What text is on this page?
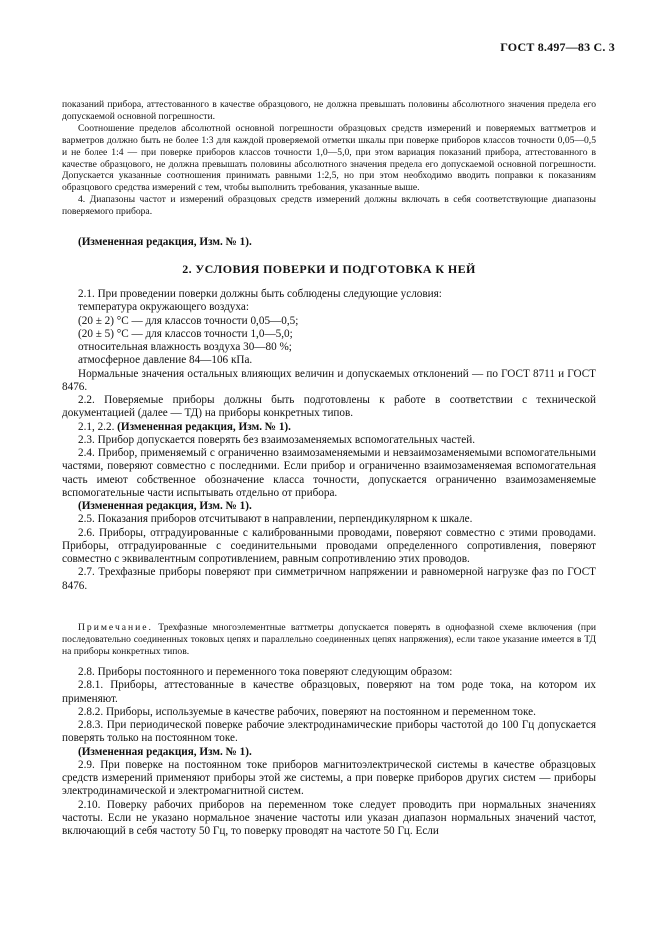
ГОСТ 8.497—83 С. 3

показаний прибора, аттестованного в качестве образцового, не должна превышать половины абсолютного значения предела его допускаемой основной погрешности.

Соотношение пределов абсолютной основной погрешности образцовых средств измерений и поверяемых ваттметров и варметров должно быть не более 1:3 для каждой проверяемой отметки шкалы при поверке приборов классов точности 0,05—0,5 и не более 1:4 — при поверке приборов классов точности 1,0—5,0, при этом вариация показаний прибора, аттестованного в качестве образцового, не должна превышать половины абсолютного значения предела его допускаемой основной погрешности. Допускается указанные соотношения принимать равными 1:2,5, но при этом необходимо вводить поправки к показаниям образцового средства измерений с тем, чтобы выполнить требования, указанные выше.

4. Диапазоны частот и измерений образцовых средств измерений должны включать в себя соответствующие диапазоны поверяемого прибора.

(Измененная редакция, Изм. № 1).

2. УСЛОВИЯ ПОВЕРКИ И ПОДГОТОВКА К НЕЙ

2.1. При проведении поверки должны быть соблюдены следующие условия:

температура окружающего воздуха:

(20 ± 2) °С — для классов точности 0,05—0,5;

(20 ± 5) °С — для классов точности 1,0—5,0;

относительная влажность воздуха 30—80 %;

атмосферное давление 84—106 кПа.

Нормальные значения остальных влияющих величин и допускаемых отклонений — по ГОСТ 8711 и ГОСТ 8476.

2.2. Поверяемые приборы должны быть подготовлены к работе в соответствии с технической документацией (далее — ТД) на приборы конкретных типов.

2.1, 2.2. (Измененная редакция, Изм. № 1).

2.3. Прибор допускается поверять без взаимозаменяемых вспомогательных частей.

2.4. Прибор, применяемый с ограниченно взаимозаменяемыми и невзаимозаменяемыми вспомогательными частями, поверяют совместно с последними. Если прибор и ограниченно взаимозаменяемая вспомогательная часть имеют собственное обозначение класса точности, допускается ограниченно взаимозаменяемые вспомогательные части испытывать отдельно от прибора.

(Измененная редакция, Изм. № 1).

2.5. Показания приборов отсчитывают в направлении, перпендикулярном к шкале.

2.6. Приборы, отградуированные с калиброванными проводами, поверяют совместно с этими проводами. Приборы, отградуированные с соединительными проводами определенного сопротивления, поверяют совместно с эквивалентным сопротивлением, равным сопротивлению этих проводов.

2.7. Трехфазные приборы поверяют при симметричном напряжении и равномерной нагрузке фаз по ГОСТ 8476.

Примечание. Трехфазные многоэлементные ваттметры допускается поверять в однофазной схеме включения (при последовательно соединенных токовых цепях и параллельно соединенных цепях напряжения), если такое указание имеется в ТД на приборы конкретных типов.

2.8. Приборы постоянного и переменного тока поверяют следующим образом:

2.8.1. Приборы, аттестованные в качестве образцовых, поверяют на том роде тока, на котором их применяют.

2.8.2. Приборы, используемые в качестве рабочих, поверяют на постоянном и переменном токе.

2.8.3. При периодической поверке рабочие электродинамические приборы частотой до 100 Гц допускается поверять только на постоянном токе.

(Измененная редакция, Изм. № 1).

2.9. При поверке на постоянном токе приборов магнитоэлектрической системы в качестве образцовых средств измерений применяют приборы этой же системы, а при поверке приборов других систем — приборы электродинамической и электромагнитной систем.

2.10. Поверку рабочих приборов на переменном токе следует проводить при нормальных значениях частоты. Если не указано нормальное значение частоты или указан диапазон нормальных значений частот, включающий в себя частоту 50 Гц, то поверку проводят на частоте 50 Гц. Если
